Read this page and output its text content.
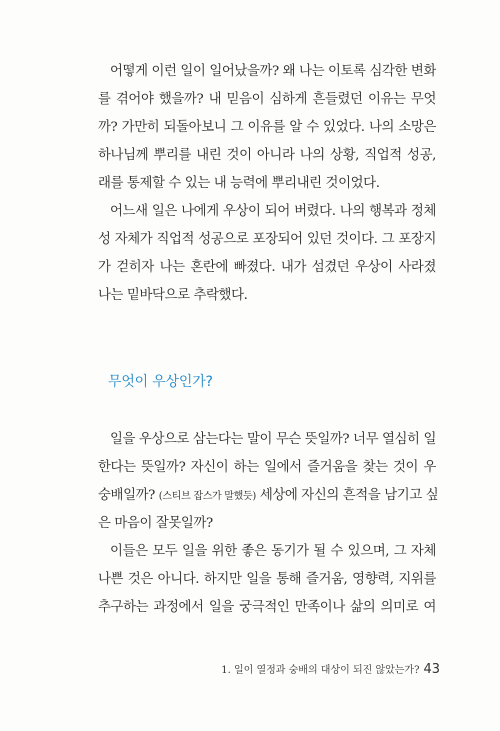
어떻게 이런 일이 일어났을까? 왜 나는 이토록 심각한 변화
를 겪어야 했을까? 내 믿음이 심하게 흔들렸던 이유는 무엇
까? 가만히 되돌아보니 그 이유를 알 수 있었다. 나의 소망은
하나님께 뿌리를 내린 것이 아니라 나의 상황, 직업적 성공,
래를 통제할 수 있는 내 능력에 뿌리내린 것이었다.
어느새 일은 나에게 우상이 되어 버렸다. 나의 행복과 정체
성 자체가 직업적 성공으로 포장되어 있던 것이다. 그 포장지
가 걷히자 나는 혼란에 빠졌다. 내가 섬겼던 우상이 사라졌
나는 밑바닥으로 추락했다.
무엇이 우상인가?
일을 우상으로 삼는다는 말이 무슨 뜻일까? 너무 열심히 일
한다는 뜻일까? 자신이 하는 일에서 즐거움을 찾는 것이 우
숭배일까? (스티브 잡스가 말했듯) 세상에 자신의 흔적을 남기고 싶
은 마음이 잘못일까?
이들은 모두 일을 위한 좋은 동기가 될 수 있으며, 그 자체
나쁜 것은 아니다. 하지만 일을 통해 즐거움, 영향력, 지위를
추구하는 과정에서 일을 궁극적인 만족이나 삶의 의미로 여
1. 일이 열정과 숭배의 대상이 되진 않았는가? 43
